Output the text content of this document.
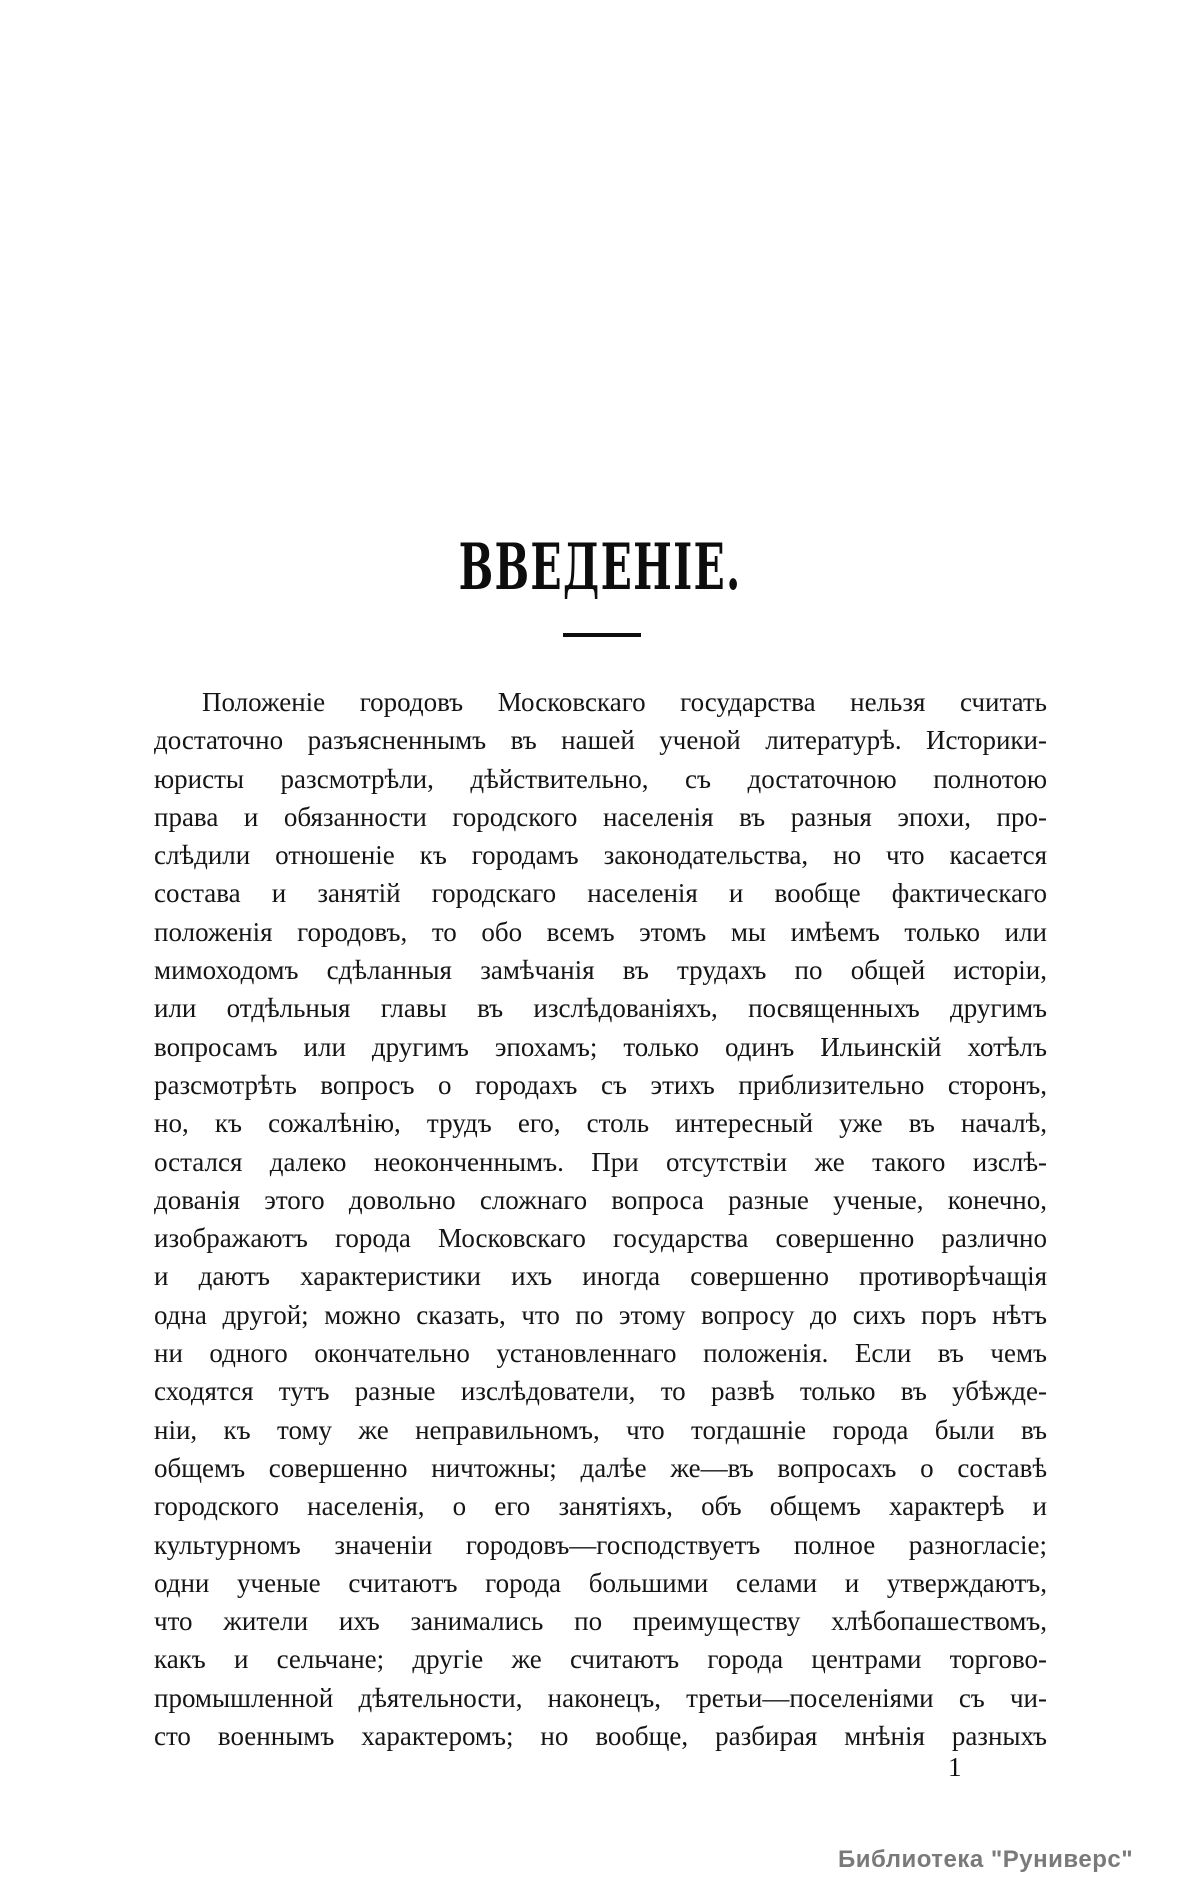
ВВЕДЕНІЕ.
Положеніе городовъ Московскаго государства нельзя считать
достаточно разъясненнымъ въ нашей ученой литературѣ. Историки-
юристы разсмотрѣли, дѣйствительно, съ достаточною полнотою
права и обязанности городского населенія въ разныя эпохи, про-
слѣдили отношеніе къ городамъ законодательства, но что касается
состава и занятій городскаго населенія и вообще фактическаго
положенія городовъ, то обо всемъ этомъ мы имѣемъ только или
мимоходомъ сдѣланныя замѣчанія въ трудахъ по общей исторіи,
или отдѣльныя главы въ изслѣдованіяхъ, посвященныхъ другимъ
вопросамъ или другимъ эпохамъ; только одинъ Ильинскій хотѣлъ
разсмотрѣть вопросъ о городахъ съ этихъ приблизительно сторонъ,
но, къ сожалѣнію, трудъ его, столь интересный уже въ началѣ,
остался далеко неоконченнымъ. При отсутствіи же такого изслѣ-
дованія этого довольно сложнаго вопроса разные ученые, конечно,
изображаютъ города Московскаго государства совершенно различно
и даютъ характеристики ихъ иногда совершенно противорѣчащія
одна другой; можно сказать, что по этому вопросу до сихъ поръ нѣтъ
ни одного окончательно установленнаго положенія. Если въ чемъ
сходятся тутъ разные изслѣдователи, то развѣ только въ убѣжде-
ніи, къ тому же неправильномъ, что тогдашніе города были въ
общемъ совершенно ничтожны; далѣе же—въ вопросахъ о составѣ
городского населенія, о его занятіяхъ, объ общемъ характерѣ и
культурномъ значеніи городовъ—господствуетъ полное разногласіе;
одни ученые считаютъ города большими селами и утверждаютъ,
что жители ихъ занимались по преимуществу хлѣбопашествомъ,
какъ и сельчане; другіе же считаютъ города центрами торгово-
промышленной дѣятельности, наконецъ, третьи—поселеніями съ чи-
сто военнымъ характеромъ; но вообще, разбирая мнѣнія разныхъ
1
Библиотека "Руниверс"
